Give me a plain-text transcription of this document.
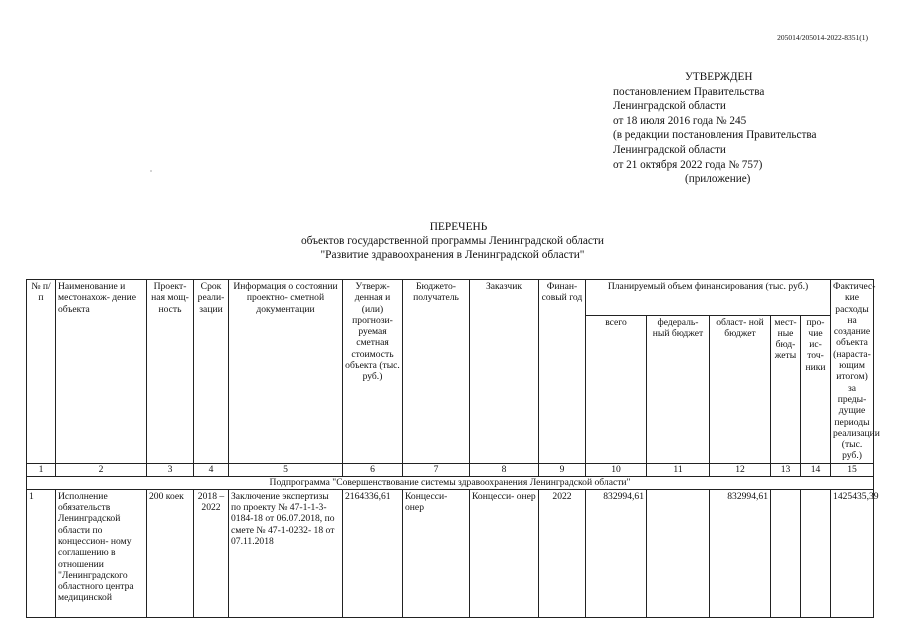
205014/205014-2022-8351(1)
УТВЕРЖДЕН
постановлением Правительства
Ленинградской области
от 18 июля 2016 года № 245
(в редакции постановления Правительства
Ленинградской области
от 21 октября 2022 года № 757)
(приложение)
ПЕРЕЧЕНЬ
объектов государственной программы Ленинградской области
"Развитие здравоохранения в Ленинградской области"
№ п/п	Наименование и местонахож- дение объекта	Проект- ная мощ- ность	Срок реали- зации	Информация о состоянии проектно- сметной документации	Утверж- денная и (или) прогнози- руемая сметная стоимость объекта (тыс. руб.)	Бюджето- получатель	Заказчик	Финан- совый год	Планируемый объем финансирования (тыс. руб.)					Фактичес- кие расходы на создание объекта (нараста- ющим итогом) за преды- дущие периоды реализации (тыс. руб.)
									всего	федераль- ный бюджет	област- ной бюджет	мест- ные бюд- жеты	про- чие ис- точ- ники	
1	2	3	4	5	6	7	8	9	10	11	12	13	14	15
Подпрограмма "Совершенствование системы здравоохранения Ленинградской области"														
1	Исполнение обязательств Ленинградской области по концессион- ному соглашению в отношении "Ленинградского областного центра медицинской	200 коек	2018 – 2022	Заключение экспертизы по проекту № 47-1-1-3- 0184-18 от 06.07.2018, по смете № 47-1-0232- 18 от 07.11.2018	2164336,61	Концесси- онер	Концесси- онер	2022	832994,61		832994,61			1425435,39
